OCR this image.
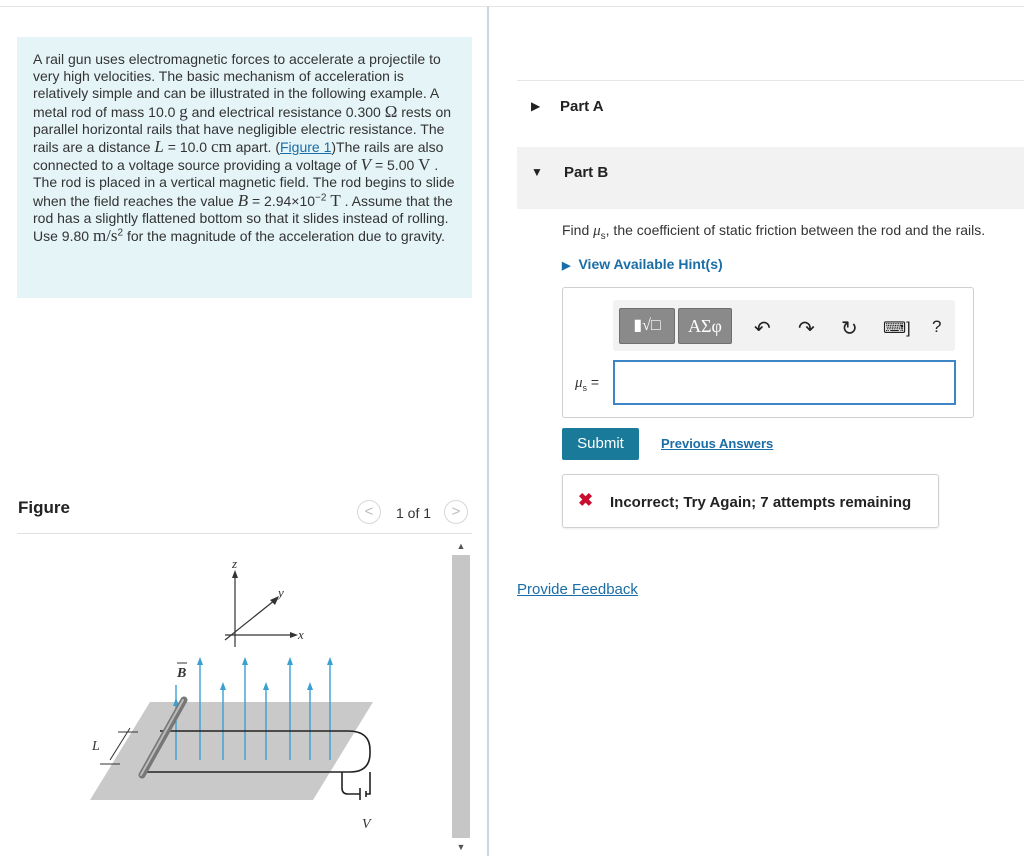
A rail gun uses electromagnetic forces to accelerate a projectile to very high velocities. The basic mechanism of acceleration is relatively simple and can be illustrated in the following example. A metal rod of mass 10.0 g and electrical resistance 0.300 Ω rests on parallel horizontal rails that have negligible electric resistance. The rails are a distance L = 10.0 cm apart. (Figure 1)The rails are also connected to a voltage source providing a voltage of V = 5.00 V .
The rod is placed in a vertical magnetic field. The rod begins to slide when the field reaches the value $B = 2.94\times 10^{-2}$ T . Assume that the rod has a slightly flattened bottom so that it slides instead of rolling. Use 9.80 $m/s^2$ for the magnitude of the acceleration due to gravity.
Figure	<	1 of 1	>
z
y
x
V
L
B
▲
▼
▶ Part A
▼ Part B
Find $\mu_s$, the coefficient of static friction between the rod and the rails.
▶ View Available Hint(s)
▮√□	ΑΣφ	↶ ↷ ↻ ⌨] ?
$\mu_s$ =
Submit	Previous Answers
✖ Incorrect; Try Again; 7 attempts remaining
Provide Feedback
